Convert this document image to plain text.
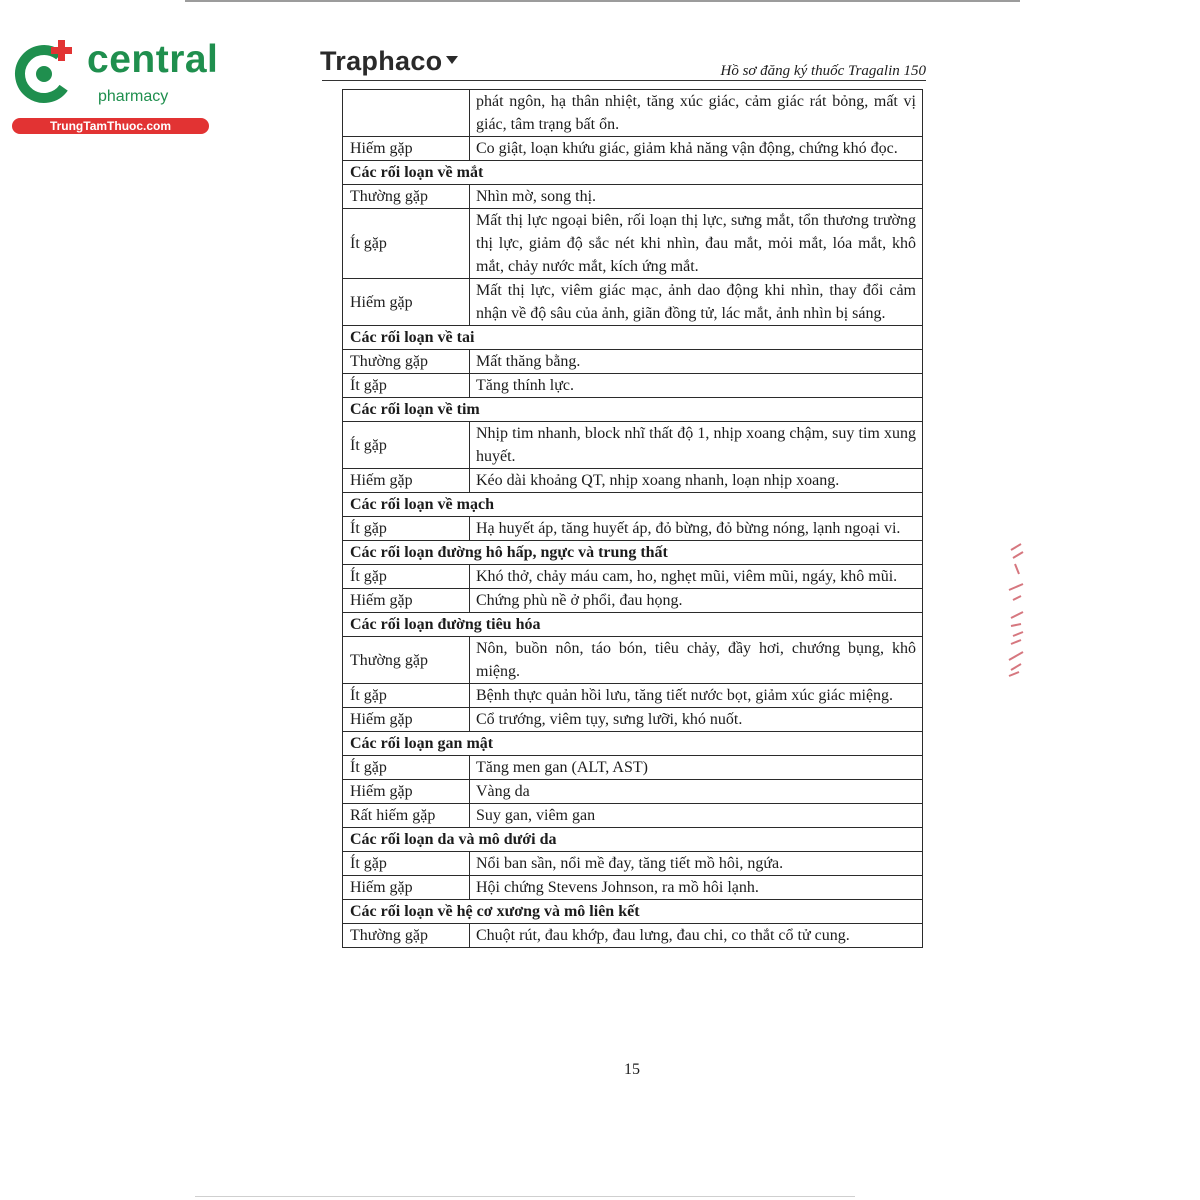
central
pharmacy
TrungTamThuoc.com
Traphaco	Hồ sơ đăng ký thuốc Tragalin 150
	phát ngôn, hạ thân nhiệt, tăng xúc giác, cảm giác rát bỏng, mất vị giác, tâm trạng bất ổn.
Hiếm gặp	Co giật, loạn khứu giác, giảm khả năng vận động, chứng khó đọc.
Các rối loạn về mắt	
Thường gặp	Nhìn mờ, song thị.
Ít gặp	Mất thị lực ngoại biên, rối loạn thị lực, sưng mắt, tổn thương trường thị lực, giảm độ sắc nét khi nhìn, đau mắt, mỏi mắt, lóa mắt, khô mắt, chảy nước mắt, kích ứng mắt.
Hiếm gặp	Mất thị lực, viêm giác mạc, ảnh dao động khi nhìn, thay đổi cảm nhận về độ sâu của ảnh, giãn đồng tử, lác mắt, ảnh nhìn bị sáng.
Các rối loạn về tai	
Thường gặp	Mất thăng bằng.
Ít gặp	Tăng thính lực.
Các rối loạn về tim	
Ít gặp	Nhịp tim nhanh, block nhĩ thất độ 1, nhịp xoang chậm, suy tim xung huyết.
Hiếm gặp	Kéo dài khoảng QT, nhịp xoang nhanh, loạn nhịp xoang.
Các rối loạn về mạch	
Ít gặp	Hạ huyết áp, tăng huyết áp, đỏ bừng, đỏ bừng nóng, lạnh ngoại vi.
Các rối loạn đường hô hấp, ngực và trung thất	
Ít gặp	Khó thở, chảy máu cam, ho, nghẹt mũi, viêm mũi, ngáy, khô mũi.
Hiếm gặp	Chứng phù nề ở phổi, đau họng.
Các rối loạn đường tiêu hóa	
Thường gặp	Nôn, buồn nôn, táo bón, tiêu chảy, đầy hơi, chướng bụng, khô miệng.
Ít gặp	Bệnh thực quản hồi lưu, tăng tiết nước bọt, giảm xúc giác miệng.
Hiếm gặp	Cổ trướng, viêm tụy, sưng lưỡi, khó nuốt.
Các rối loạn gan mật	
Ít gặp	Tăng men gan (ALT, AST)
Hiếm gặp	Vàng da
Rất hiếm gặp	Suy gan, viêm gan
Các rối loạn da và mô dưới da	
Ít gặp	Nổi ban sần, nổi mề đay, tăng tiết mồ hôi, ngứa.
Hiếm gặp	Hội chứng Stevens Johnson, ra mồ hôi lạnh.
Các rối loạn về hệ cơ xương và mô liên kết	
Thường gặp	Chuột rút, đau khớp, đau lưng, đau chi, co thắt cổ tử cung.
15
